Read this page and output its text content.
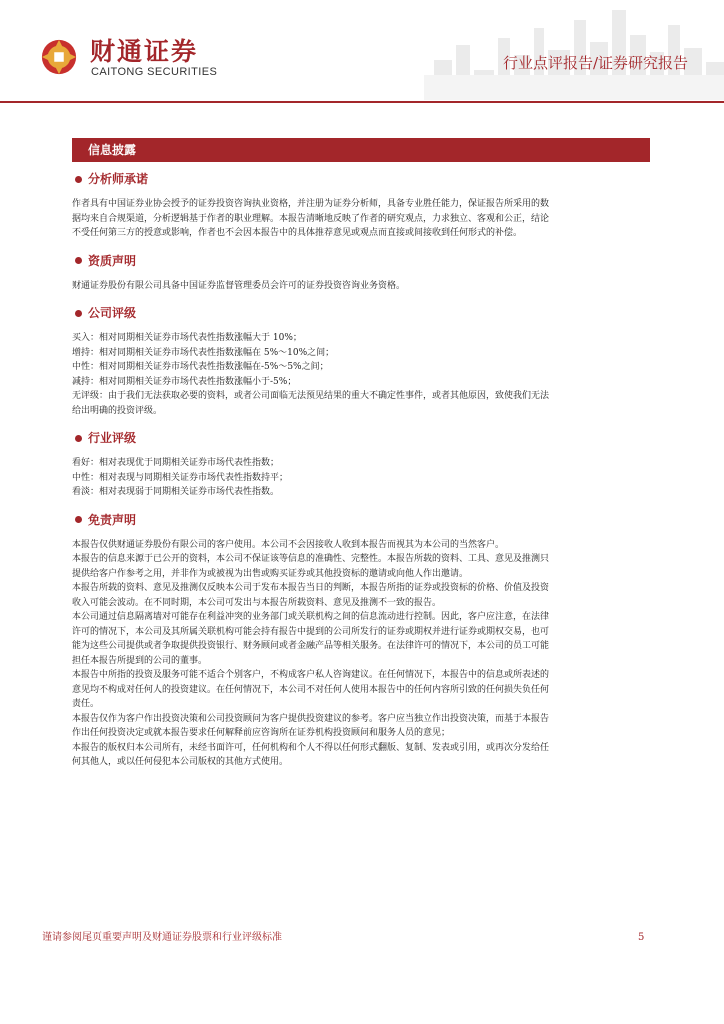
财通证券
CAITONG SECURITIES	行业点评报告/证券研究报告
信息披露
分析师承诺

作者具有中国证券业协会授予的证券投资咨询执业资格，并注册为证券分析师，具备专业胜任能力，保证报告所采用的数

据均来自合规渠道，分析逻辑基于作者的职业理解。本报告清晰地反映了作者的研究观点，力求独立、客观和公正，结论

不受任何第三方的授意或影响，作者也不会因本报告中的具体推荐意见或观点而直接或间接收到任何形式的补偿。

资质声明

财通证券股份有限公司具备中国证券监督管理委员会许可的证券投资咨询业务资格。

公司评级

买入：相对同期相关证券市场代表性指数涨幅大于 10%；

增持：相对同期相关证券市场代表性指数涨幅在 5%～10%之间；

中性：相对同期相关证券市场代表性指数涨幅在-5%～5%之间；

减持：相对同期相关证券市场代表性指数涨幅小于-5%；

无评级：由于我们无法获取必要的资料，或者公司面临无法预见结果的重大不确定性事件，或者其他原因，致使我们无法

给出明确的投资评级。

行业评级

看好：相对表现优于同期相关证券市场代表性指数；

中性：相对表现与同期相关证券市场代表性指数持平；

看淡：相对表现弱于同期相关证券市场代表性指数。

免责声明

本报告仅供财通证券股份有限公司的客户使用。本公司不会因接收人收到本报告而视其为本公司的当然客户。

本报告的信息来源于已公开的资料，本公司不保证该等信息的准确性、完整性。本报告所载的资料、工具、意见及推测只

提供给客户作参考之用，并非作为或被视为出售或购买证券或其他投资标的邀请或向他人作出邀请。

本报告所载的资料、意见及推测仅反映本公司于发布本报告当日的判断，本报告所指的证券或投资标的价格、价值及投资

收入可能会波动。在不同时期，本公司可发出与本报告所载资料、意见及推测不一致的报告。

本公司通过信息隔离墙对可能存在利益冲突的业务部门或关联机构之间的信息流动进行控制。因此，客户应注意，在法律

许可的情况下，本公司及其所属关联机构可能会持有报告中提到的公司所发行的证券或期权并进行证券或期权交易，也可

能为这些公司提供或者争取提供投资银行、财务顾问或者金融产品等相关服务。在法律许可的情况下，本公司的员工可能

担任本报告所提到的公司的董事。

本报告中所指的投资及服务可能不适合个别客户，不构成客户私人咨询建议。在任何情况下，本报告中的信息或所表述的

意见均不构成对任何人的投资建议。在任何情况下，本公司不对任何人使用本报告中的任何内容所引致的任何损失负任何

责任。

本报告仅作为客户作出投资决策和公司投资顾问为客户提供投资建议的参考。客户应当独立作出投资决策，而基于本报告

作出任何投资决定或就本报告要求任何解释前应咨询所在证券机构投资顾问和服务人员的意见；

本报告的版权归本公司所有，未经书面许可，任何机构和个人不得以任何形式翻版、复制、发表或引用，或再次分发给任

何其他人，或以任何侵犯本公司版权的其他方式使用。

谨请参阅尾页重要声明及财通证券股票和行业评级标准	5
